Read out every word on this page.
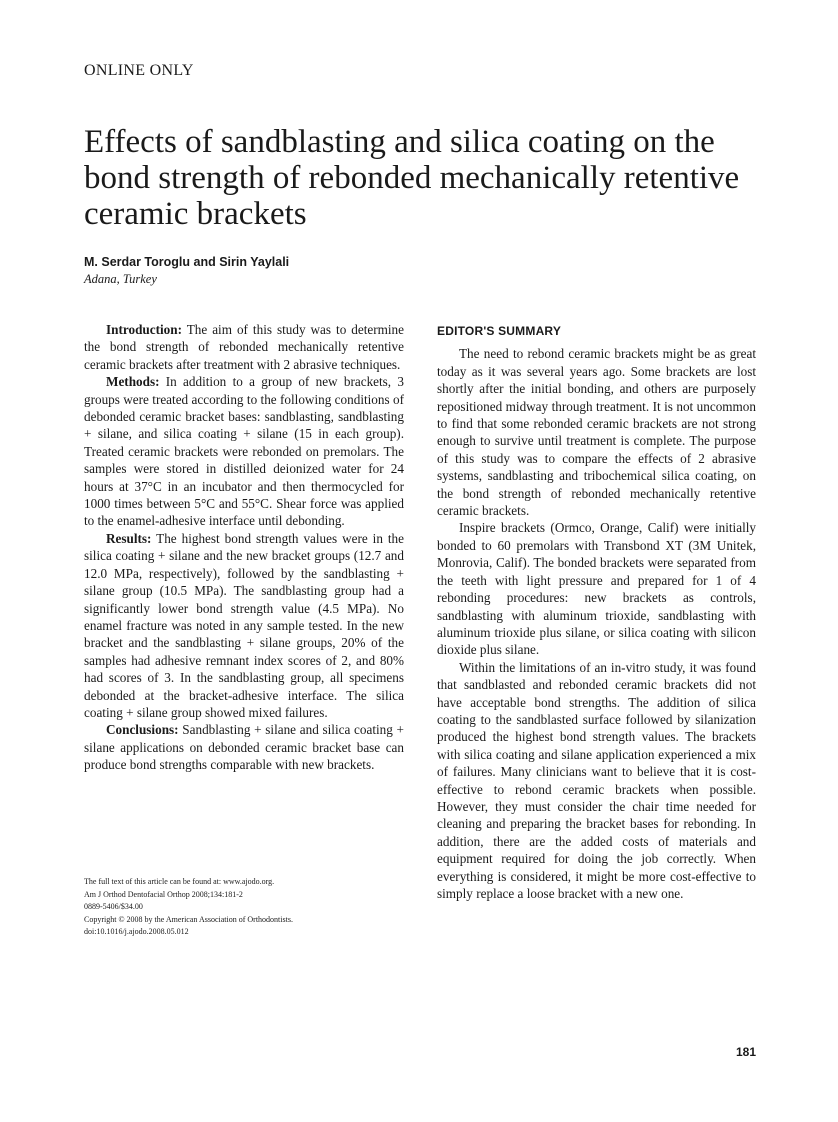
ONLINE ONLY
Effects of sandblasting and silica coating on the bond strength of rebonded mechanically retentive ceramic brackets
M. Serdar Toroglu and Sirin Yaylali
Adana, Turkey

Introduction: The aim of this study was to determine the bond strength of rebonded mechanically retentive ceramic brackets after treatment with 2 abrasive techniques.

Methods: In addition to a group of new brackets, 3 groups were treated according to the following conditions of debonded ceramic bracket bases: sandblasting, sandblasting + silane, and silica coating + silane (15 in each group). Treated ceramic brackets were rebonded on premolars. The samples were stored in distilled deionized water for 24 hours at 37°C in an incubator and then thermocycled for 1000 times between 5°C and 55°C. Shear force was applied to the enamel-adhesive interface until debonding.

Results: The highest bond strength values were in the silica coating + silane and the new bracket groups (12.7 and 12.0 MPa, respectively), followed by the sandblasting + silane group (10.5 MPa). The sandblasting group had a significantly lower bond strength value (4.5 MPa). No enamel fracture was noted in any sample tested. In the new bracket and the sandblasting + silane groups, 20% of the samples had adhesive remnant index scores of 2, and 80% had scores of 3. In the sandblasting group, all specimens debonded at the bracket-adhesive interface. The silica coating + silane group showed mixed failures.

Conclusions: Sandblasting + silane and silica coating + silane applications on debonded ceramic bracket base can produce bond strengths comparable with new brackets.

The full text of this article can be found at: www.ajodo.org.
Am J Orthod Dentofacial Orthop 2008;134:181-2
0889-5406/$34.00
Copyright © 2008 by the American Association of Orthodontists.
doi:10.1016/j.ajodo.2008.05.012
EDITOR'S SUMMARY

The need to rebond ceramic brackets might be as great today as it was several years ago. Some brackets are lost shortly after the initial bonding, and others are purposely repositioned midway through treatment. It is not uncommon to find that some rebonded ceramic brackets are not strong enough to survive until treatment is complete. The purpose of this study was to compare the effects of 2 abrasive systems, sandblasting and tribochemical silica coating, on the bond strength of rebonded mechanically retentive ceramic brackets.

Inspire brackets (Ormco, Orange, Calif) were initially bonded to 60 premolars with Transbond XT (3M Unitek, Monrovia, Calif). The bonded brackets were separated from the teeth with light pressure and prepared for 1 of 4 rebonding procedures: new brackets as controls, sandblasting with aluminum trioxide, sandblasting with aluminum trioxide plus silane, or silica coating with silicon dioxide plus silane.

Within the limitations of an in-vitro study, it was found that sandblasted and rebonded ceramic brackets did not have acceptable bond strengths. The addition of silica coating to the sandblasted surface followed by silanization produced the highest bond strength values. The brackets with silica coating and silane application experienced a mix of failures. Many clinicians want to believe that it is cost-effective to rebond ceramic brackets when possible. However, they must consider the chair time needed for cleaning and preparing the bracket bases for rebonding. In addition, there are the added costs of materials and equipment required for doing the job correctly. When everything is considered, it might be more cost-effective to simply replace a loose bracket with a new one.

181
